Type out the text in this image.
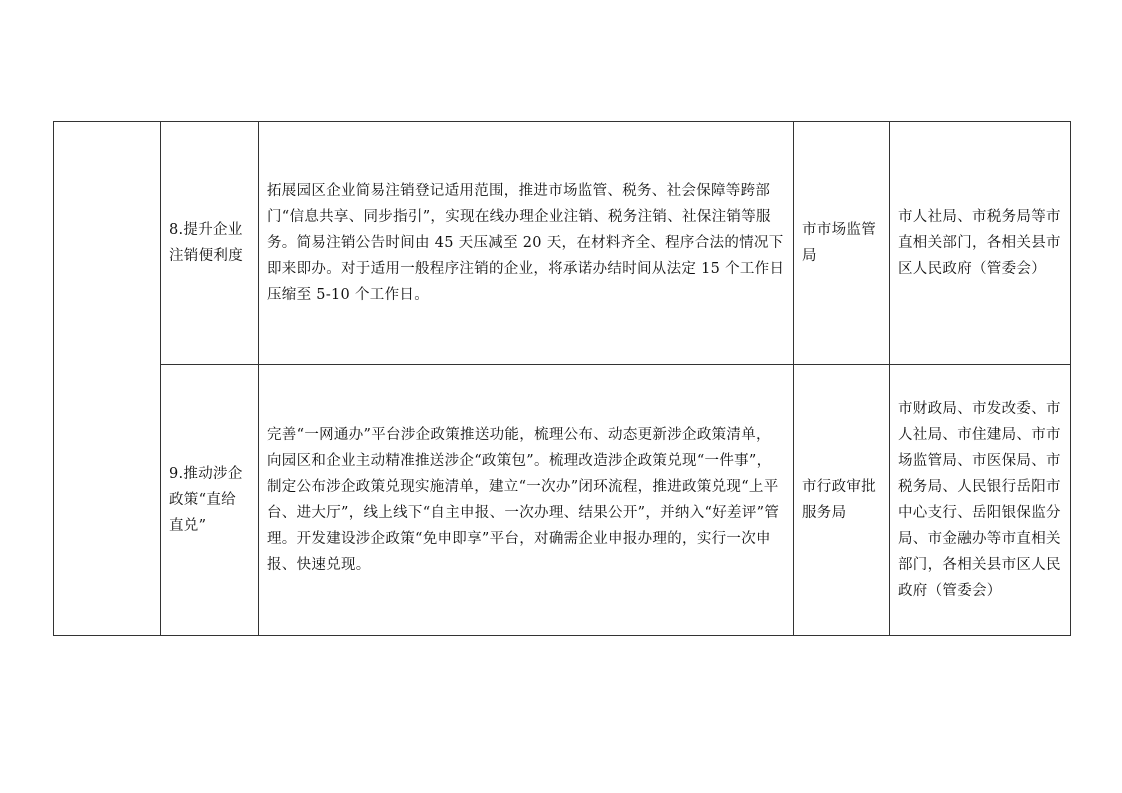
	8.提升企业注销便利度	拓展园区企业简易注销登记适用范围，推进市场监管、税务、社会保障等跨部门“信息共享、同步指引”，实现在线办理企业注销、税务注销、社保注销等服务。简易注销公告时间由 45 天压减至 20 天，在材料齐全、程序合法的情况下即来即办。对于适用一般程序注销的企业，将承诺办结时间从法定 15 个工作日压缩至 5-10 个工作日。	市市场监管局	市人社局、市税务局等市直相关部门，各相关县市区人民政府（管委会）
	9.推动涉企政策“直给直兑”	完善“一网通办”平台涉企政策推送功能，梳理公布、动态更新涉企政策清单，向园区和企业主动精准推送涉企“政策包”。梳理改造涉企政策兑现“一件事”，制定公布涉企政策兑现实施清单，建立“一次办”闭环流程，推进政策兑现“上平台、进大厅”，线上线下“自主申报、一次办理、结果公开”，并纳入“好差评”管理。开发建设涉企政策“免申即享”平台，对确需企业申报办理的，实行一次申报、快速兑现。	市行政审批服务局	市财政局、市发改委、市人社局、市住建局、市市场监管局、市医保局、市税务局、人民银行岳阳市中心支行、岳阳银保监分局、市金融办等市直相关部门，各相关县市区人民政府（管委会）
